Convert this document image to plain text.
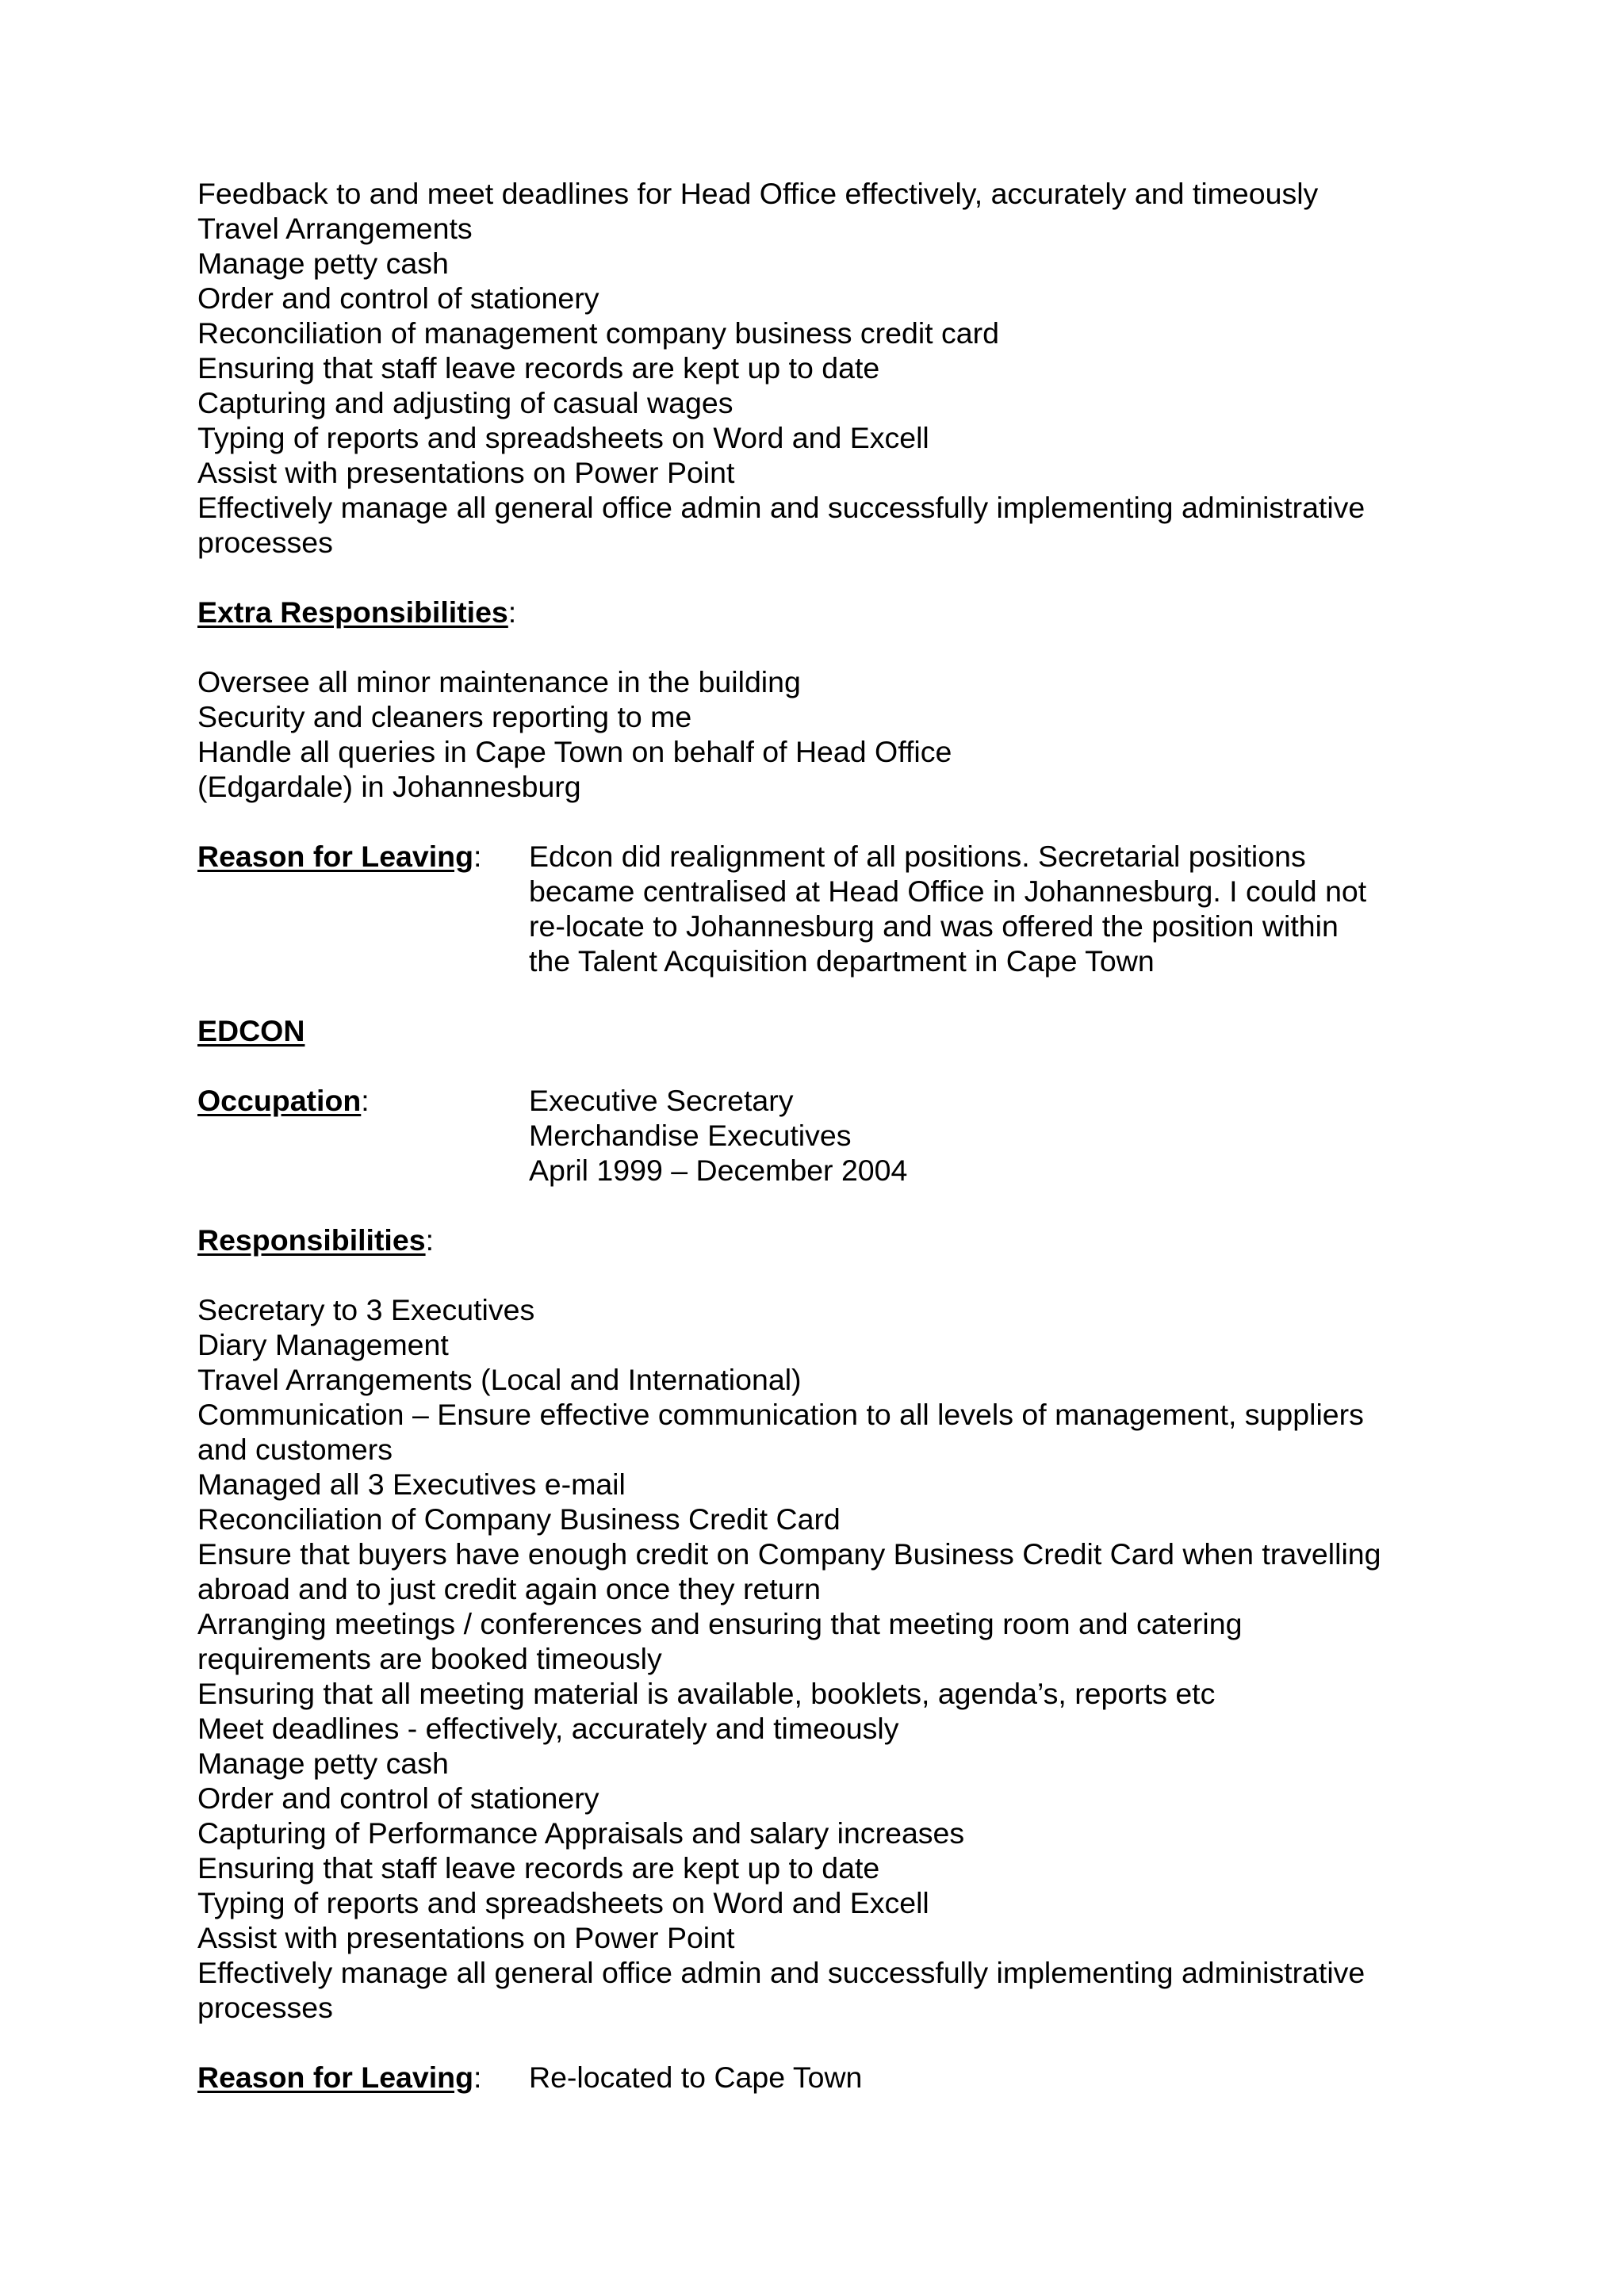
Feedback to and meet deadlines for Head Office effectively, accurately and timeously
Travel Arrangements
Manage petty cash
Order and control of stationery
Reconciliation of management company business credit card
Ensuring that staff leave records are kept up to date
Capturing and adjusting of casual wages
Typing of reports and spreadsheets on Word and Excell
Assist with presentations on Power Point
Effectively manage all general office admin and successfully implementing administrative
processes
Extra Responsibilities:
Oversee all minor maintenance in the building
Security and cleaners reporting to me
Handle all queries in Cape Town on behalf of Head Office
(Edgardale) in Johannesburg
Reason for Leaving:	Edcon did realignment of all positions. Secretarial positions
became centralised at Head Office in Johannesburg. I could not
re-locate to Johannesburg and was offered the position within
the Talent Acquisition department in Cape Town
EDCON
Occupation:	Executive Secretary
Merchandise Executives
April 1999 – December 2004
Responsibilities:
Secretary to 3 Executives
Diary Management
Travel Arrangements (Local and International)
Communication – Ensure effective communication to all levels of management, suppliers
and customers
Managed all 3 Executives e-mail
Reconciliation of Company Business Credit Card
Ensure that buyers have enough credit on Company Business Credit Card when travelling
abroad and to just credit again once they return
Arranging meetings / conferences and ensuring that meeting room and catering
requirements are booked timeously
Ensuring that all meeting material is available, booklets, agenda’s, reports etc
Meet deadlines - effectively, accurately and timeously
Manage petty cash
Order and control of stationery
Capturing of Performance Appraisals and salary increases
Ensuring that staff leave records are kept up to date
Typing of reports and spreadsheets on Word and Excell
Assist with presentations on Power Point
Effectively manage all general office admin and successfully implementing administrative
processes
Reason for Leaving:	Re-located to Cape Town
